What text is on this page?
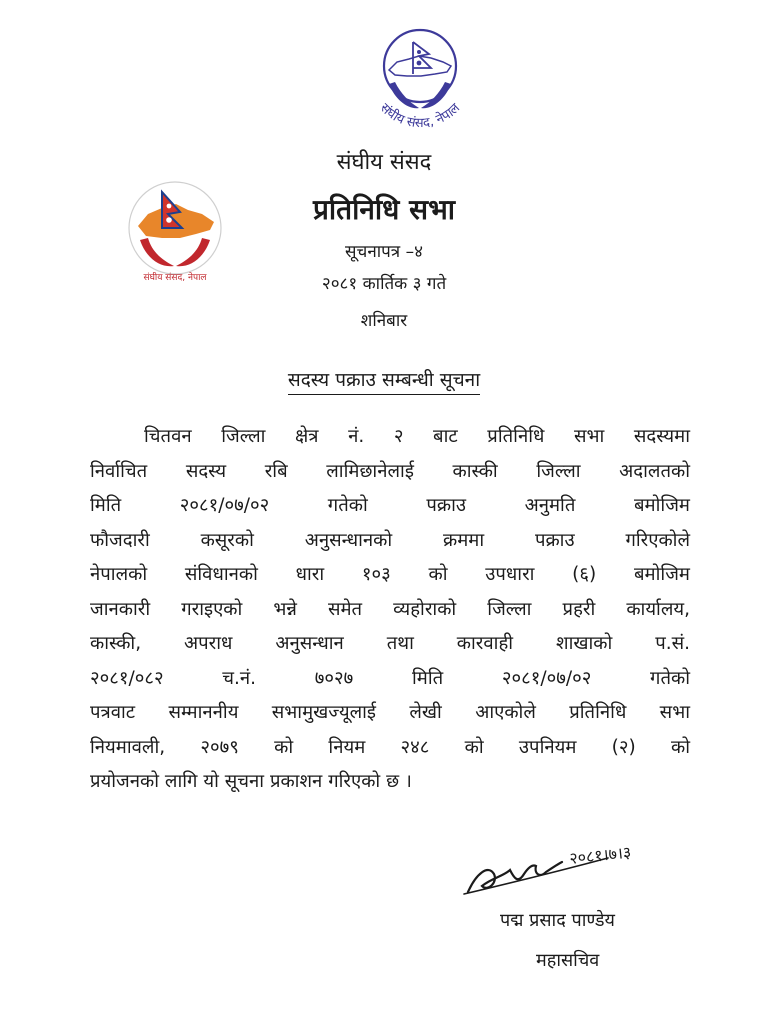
संघीय संसद, नेपाल
संघीय संसद, नेपाल
संघीय संसद
प्रतिनिधि सभा
सूचनापत्र –४
२०८१ कार्तिक ३ गते
शनिबार
सदस्य पक्राउ सम्बन्धी सूचना
चितवन जिल्ला क्षेत्र नं. २ बाट प्रतिनिधि सभा सदस्यमा
निर्वाचित सदस्य रबि लामिछानेलाई कास्की जिल्ला अदालतको
मिति २०८१/०७/०२ गतेको पक्राउ अनुमति बमोजिम
फौजदारी कसूरको अनुसन्धानको क्रममा पक्राउ गरिएकोले
नेपालको संविधानको धारा १०३ को उपधारा (६) बमोजिम
जानकारी गराइएको भन्ने समेत व्यहोराको जिल्ला प्रहरी कार्यालय,
कास्की, अपराध अनुसन्धान तथा कारवाही शाखाको प.सं.
२०८१/०८२ च.नं. ७०२७ मिति २०८१/०७/०२ गतेको
पत्रवाट सम्माननीय सभामुखज्यूलाई लेखी आएकोले प्रतिनिधि सभा
नियमावली, २०७९ को नियम २४८ को उपनियम (२) को
प्रयोजनको लागि यो सूचना प्रकाशन गरिएको छ ।
२०८१।७।३
पद्म प्रसाद पाण्डेय
महासचिव
